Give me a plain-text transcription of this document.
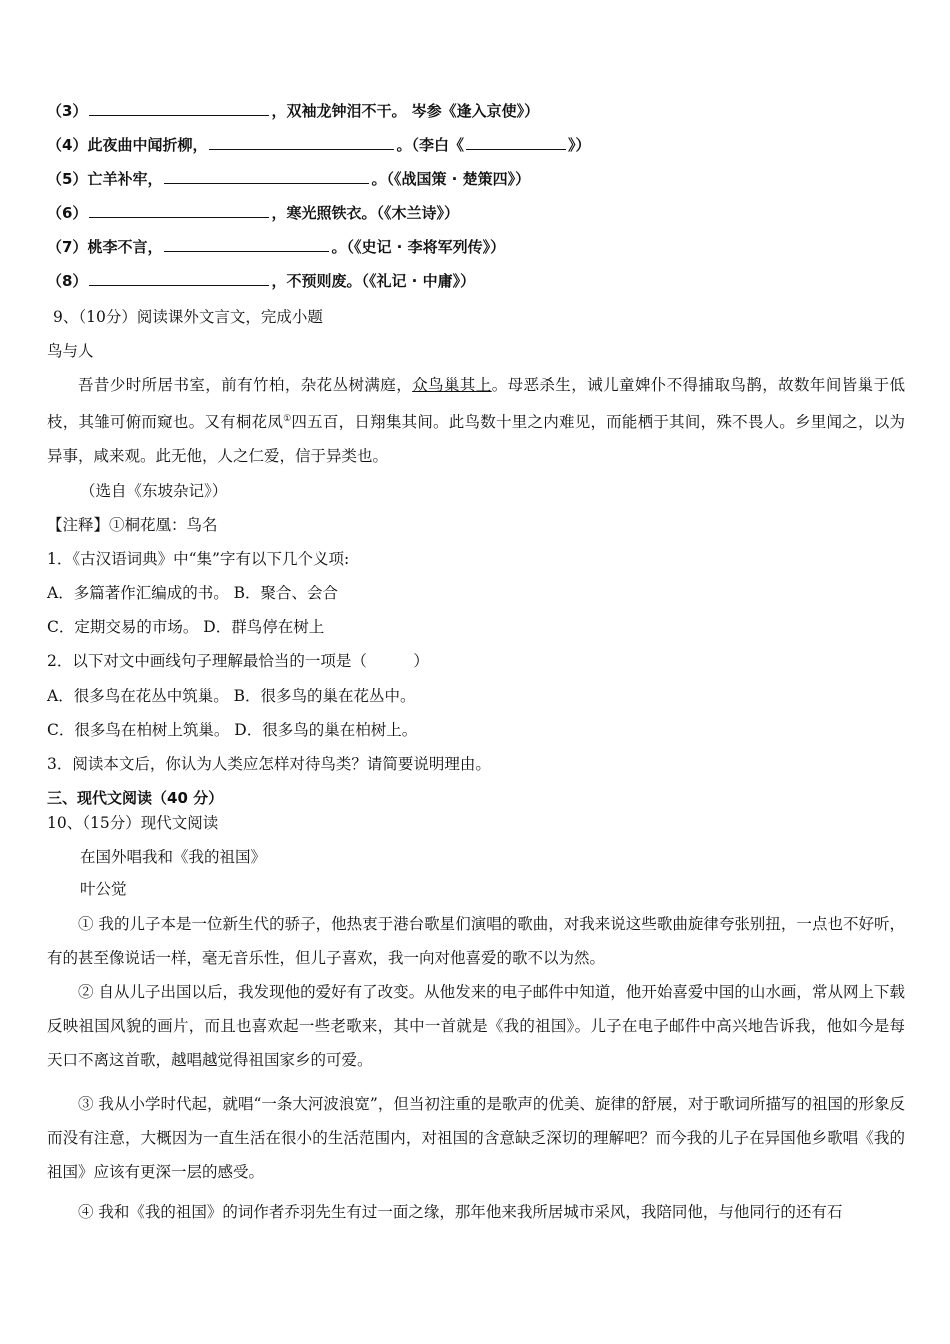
（3）	，双袖龙钟泪不干。 岑参《逢入京使》）
（4）此夜曲中闻折柳，	。（李白《	》）
（5）亡羊补牢，	。（《战国策 · 楚策四》）
（6）	，寒光照铁衣。（《木兰诗》）
（7）桃李不言，	。（《史记 · 李将军列传》）
（8）	，不预则废。（《礼记 · 中庸》）
9、（10分）阅读课外文言文，完成小题
鸟与人
吾昔少时所居书室，前有竹柏，杂花丛树满庭，众鸟巢其上。母恶杀生，诫儿童婢仆不得捕取鸟鹊，故数年间皆巢于低枝，其雏可俯而窥也。又有桐花凤①四五百，日翔集其间。此鸟数十里之内难见，而能栖于其间，殊不畏人。乡里闻之，以为异事，咸来观。此无他，人之仁爱，信于异类也。
（选自《东坡杂记》）
【注释】①桐花凰：鸟名
1．《古汉语词典》中“集”字有以下几个义项:
A．多篇著作汇编成的书。 B．聚合、会合
C．定期交易的市场。 D．群鸟停在树上
2．以下对文中画线句子理解最恰当的一项是（　　　）
A．很多鸟在花丛中筑巢。 B．很多鸟的巢在花丛中。
C．很多鸟在柏树上筑巢。 D．很多鸟的巢在柏树上。
3．阅读本文后，你认为人类应怎样对待鸟类？请简要说明理由。
三、现代文阅读（40 分）
10、（15分）现代文阅读
在国外唱我和《我的祖国》
叶公觉
① 我的儿子本是一位新生代的骄子，他热衷于港台歌星们演唱的歌曲，对我来说这些歌曲旋律夸张别扭，一点也不好听，有的甚至像说话一样，毫无音乐性，但儿子喜欢，我一向对他喜爱的歌不以为然。
② 自从儿子出国以后，我发现他的爱好有了改变。从他发来的电子邮件中知道，他开始喜爱中国的山水画，常从网上下载反映祖国风貌的画片，而且也喜欢起一些老歌来，其中一首就是《我的祖国》。儿子在电子邮件中高兴地告诉我，他如今是每天口不离这首歌，越唱越觉得祖国家乡的可爱。
③ 我从小学时代起，就唱“一条大河波浪宽”，但当初注重的是歌声的优美、旋律的舒展，对于歌词所描写的祖国的形象反而没有注意，大概因为一直生活在很小的生活范围内，对祖国的含意缺乏深切的理解吧？而今我的儿子在异国他乡歌唱《我的祖国》应该有更深一层的感受。
④ 我和《我的祖国》的词作者乔羽先生有过一面之缘，那年他来我所居城市采风，我陪同他，与他同行的还有石
